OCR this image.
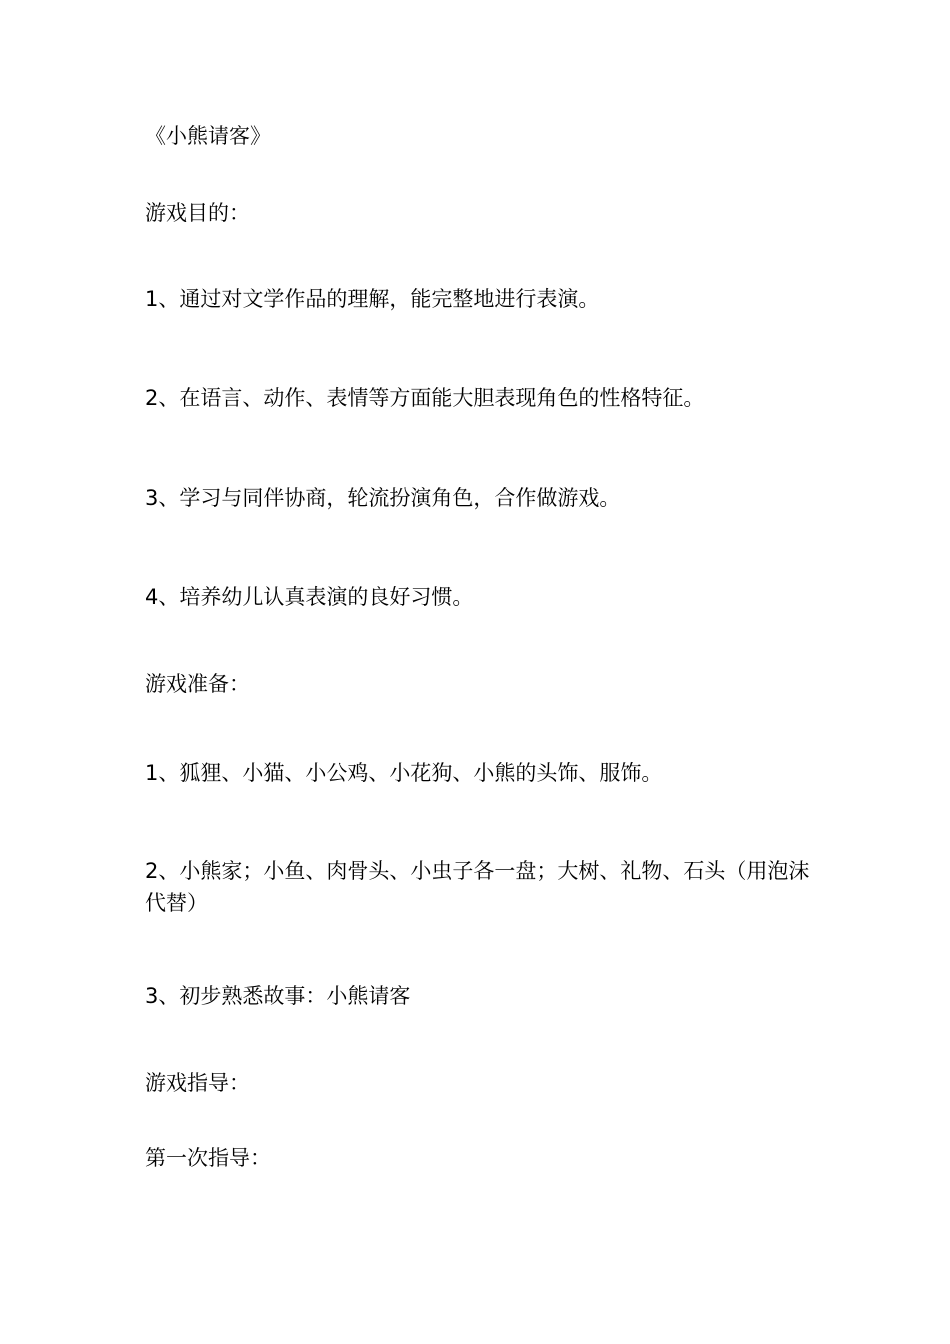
《小熊请客》

游戏目的：

1、通过对文学作品的理解，能完整地进行表演。

2、在语言、动作、表情等方面能大胆表现角色的性格特征。

3、学习与同伴协商，轮流扮演角色，合作做游戏。

4、培养幼儿认真表演的良好习惯。

游戏准备：

1、狐狸、小猫、小公鸡、小花狗、小熊的头饰、服饰。

2、小熊家；小鱼、肉骨头、小虫子各一盘；大树、礼物、石头（用泡沫代替）

3、初步熟悉故事：小熊请客

游戏指导：

第一次指导：
